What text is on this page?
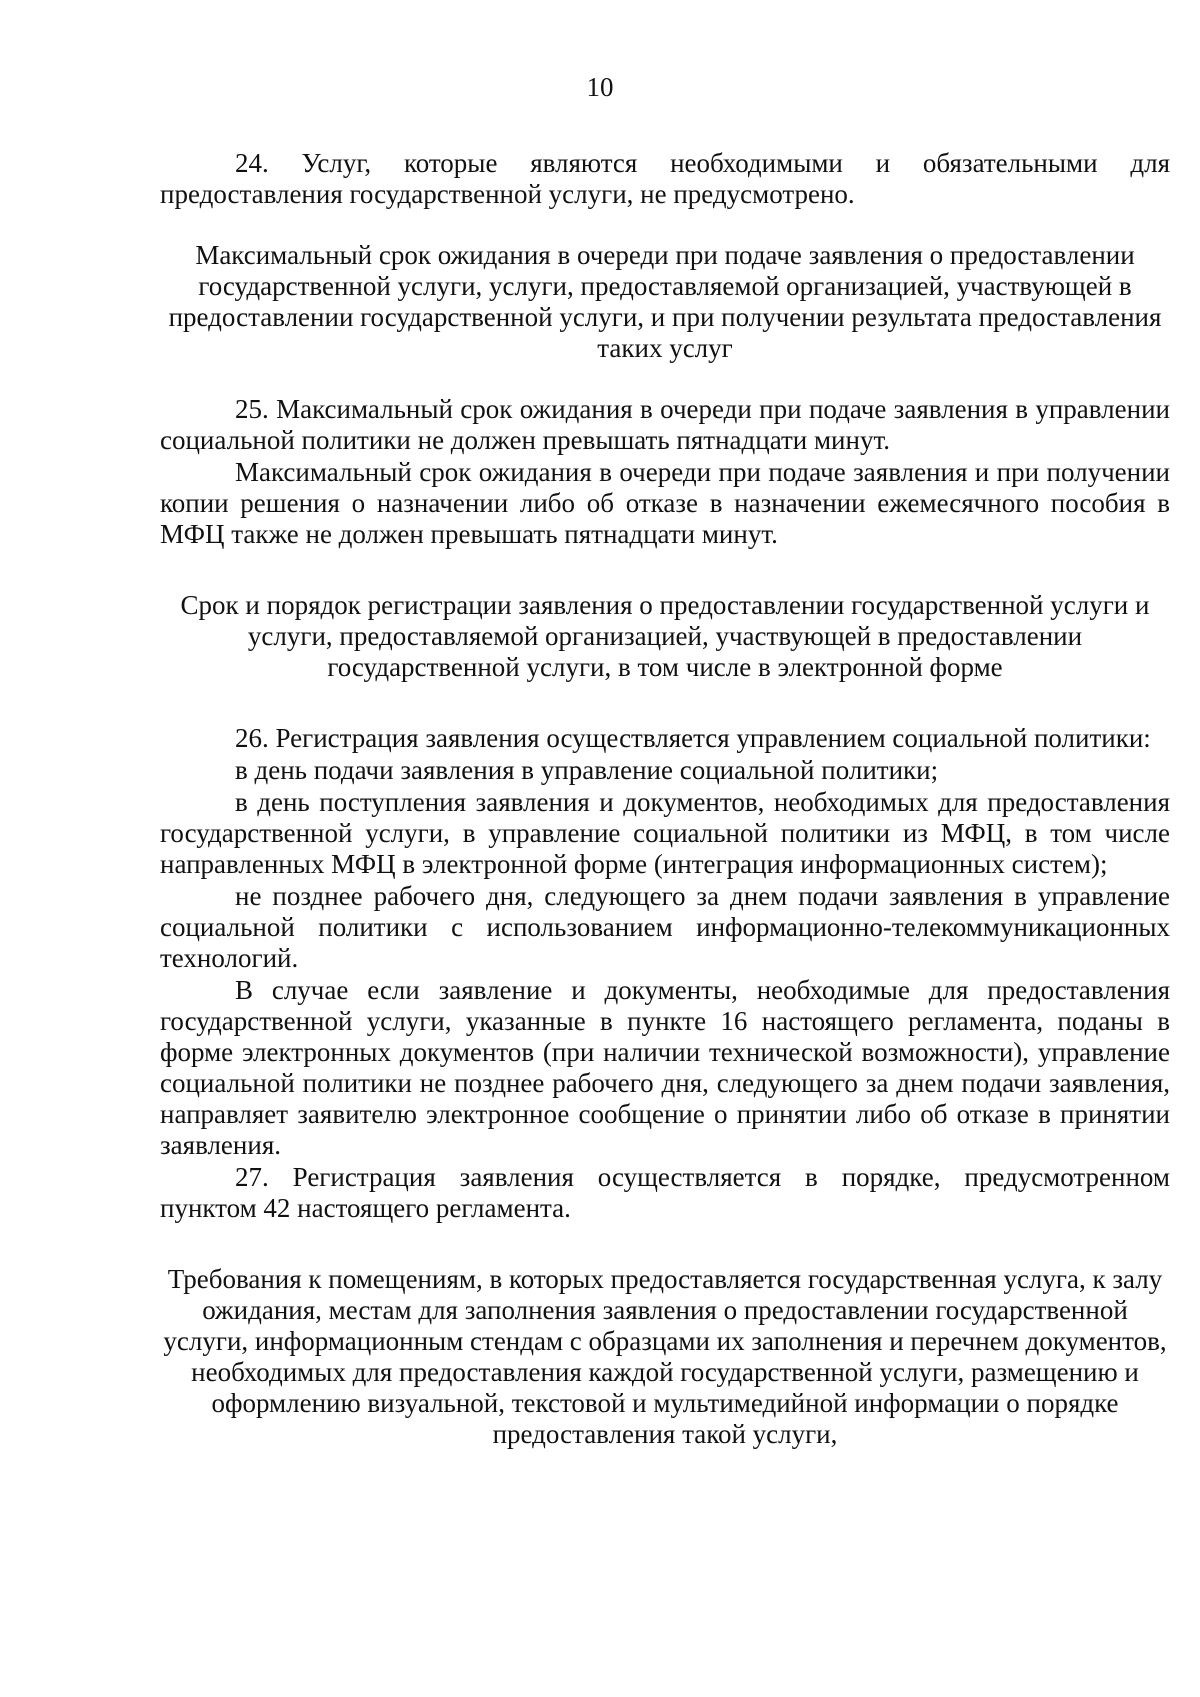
10

24. Услуг, которые являются необходимыми и обязательными для предоставления государственной услуги, не предусмотрено.

Максимальный срок ожидания в очереди при подаче заявления о предоставлении государственной услуги, услуги, предоставляемой организацией, участвующей в предоставлении государственной услуги, и при получении результата предоставления таких услуг

25. Максимальный срок ожидания в очереди при подаче заявления в управлении социальной политики не должен превышать пятнадцати минут.

Максимальный срок ожидания в очереди при подаче заявления и при получении копии решения о назначении либо об отказе в назначении ежемесячного пособия в МФЦ также не должен превышать пятнадцати минут.

Срок и порядок регистрации заявления о предоставлении государственной услуги и услуги, предоставляемой организацией, участвующей в предоставлении государственной услуги, в том числе в электронной форме

26. Регистрация заявления осуществляется управлением социальной политики:

в день подачи заявления в управление социальной политики;

в день поступления заявления и документов, необходимых для предоставления государственной услуги, в управление социальной политики из МФЦ, в том числе направленных МФЦ в электронной форме (интеграция информационных систем);

не позднее рабочего дня, следующего за днем подачи заявления в управление социальной политики с использованием информационно-телекоммуникационных технологий.

В случае если заявление и документы, необходимые для предоставления государственной услуги, указанные в пункте 16 настоящего регламента, поданы в форме электронных документов (при наличии технической возможности), управление социальной политики не позднее рабочего дня, следующего за днем подачи заявления, направляет заявителю электронное сообщение о принятии либо об отказе в принятии заявления.

27. Регистрация заявления осуществляется в порядке, предусмотренном пунктом 42 настоящего регламента.

Требования к помещениям, в которых предоставляется государственная услуга, к залу ожидания, местам для заполнения заявления о предоставлении государственной услуги, информационным стендам с образцами их заполнения и перечнем документов, необходимых для предоставления каждой государственной услуги, размещению и оформлению визуальной, текстовой и мультимедийной информации о порядке предоставления такой услуги,
